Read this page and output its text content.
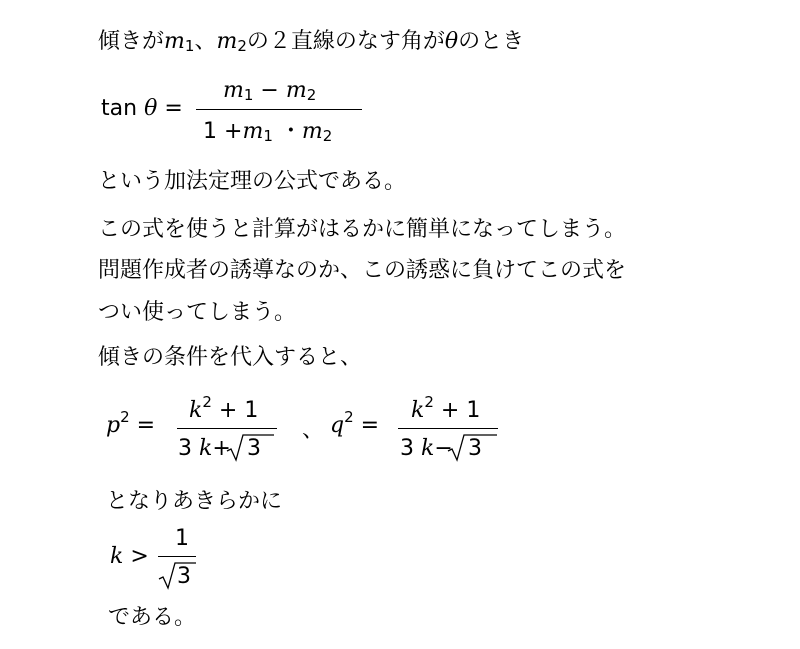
傾きがm1、m2の２直線のなす角がθのとき
tan θ =
m1 − m2
1 +m1 ・m2
という加法定理の公式である。
この式を使うと計算がはるかに簡単になってしまう。
問題作成者の誘導なのか、この誘惑に負けてこの式を
つい使ってしまう。
傾きの条件を代入すると、
$p^2$ =
$k^2 + 1$
3 k+ 3
、 $q^2$ =
$k^2 + 1$
3 k− 3
となりあきらかに
k >
1
3
である。
